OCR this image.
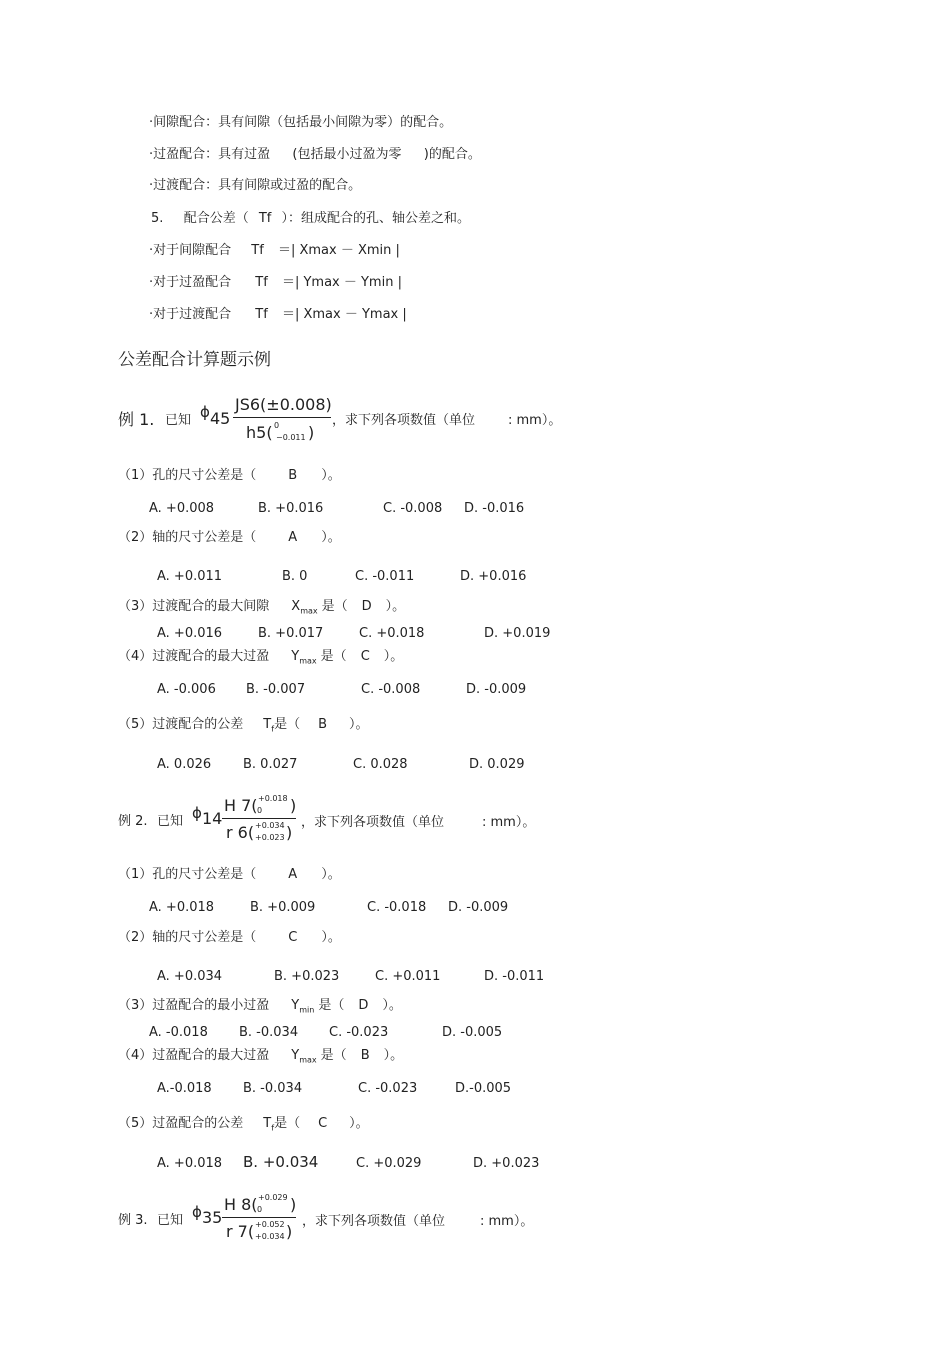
·间隙配合：具有间隙（包括最小间隙为零）的配合。
·过盈配合：具有过盈 (包括最小过盈为零 )的配合。
·过渡配合：具有间隙或过盈的配合。
5. 配合公差（ Tf ）：组成配合的孔、轴公差之和。
·对于间隙配合 Tf ＝| Xmax － Xmin |
·对于过盈配合 Tf ＝| Ymax － Ymin |
·对于过渡配合 Tf ＝| Xmax － Ymax |
公差配合计算题示例
例 1. 已知 ϕ 45
JS6(±0.008)
h5( 0
−0.011 )
，求下列各项数值（单位	: mm）。
（1）孔的尺寸公差是（ B ）。
A. +0.008	B. +0.016	C. -0.008 D. -0.016
（2）轴的尺寸公差是（ A ）。
A. +0.011	B. 0	C. -0.011	D. +0.016
（3）过渡配合的最大间隙 $X_{max}$ 是（ D ）。
A. +0.016	B. +0.017	C. +0.018	D. +0.019
（4）过渡配合的最大过盈 $Y_{max}$ 是（ C ）。
A. -0.006 B. -0.007	C. -0.008	D. -0.009
（5）过渡配合的公差 $T_f$是（ B ）。
A. 0.026 B. 0.027	C. 0.028	D. 0.029
例 2. 已知 ϕ 14
H 7( +0.018
0 )
r 6( +0.034
+0.023 )
，求下列各项数值（单位	: mm）。
（1）孔的尺寸公差是（ A ）。
A. +0.018	B. +0.009	C. -0.018 D. -0.009
（2）轴的尺寸公差是（ C ）。
A. +0.034	B. +0.023	C. +0.011	D. -0.011
（3）过盈配合的最小过盈 $Y_{min}$ 是（ D ）。
A. -0.018 B. -0.034 C. -0.023	D. -0.005
（4）过盈配合的最大过盈 $Y_{max}$ 是（ B ）。
A.-0.018 B. -0.034	C. -0.023	D.-0.005
（5）过盈配合的公差 $T_f$是（ C ）。
A. +0.018 B. +0.034	C. +0.029	D. +0.023
例 3. 已知 ϕ 35
H 8( +0.029
0 )
r 7( +0.052
+0.034 )
，求下列各项数值（单位	: mm）。
